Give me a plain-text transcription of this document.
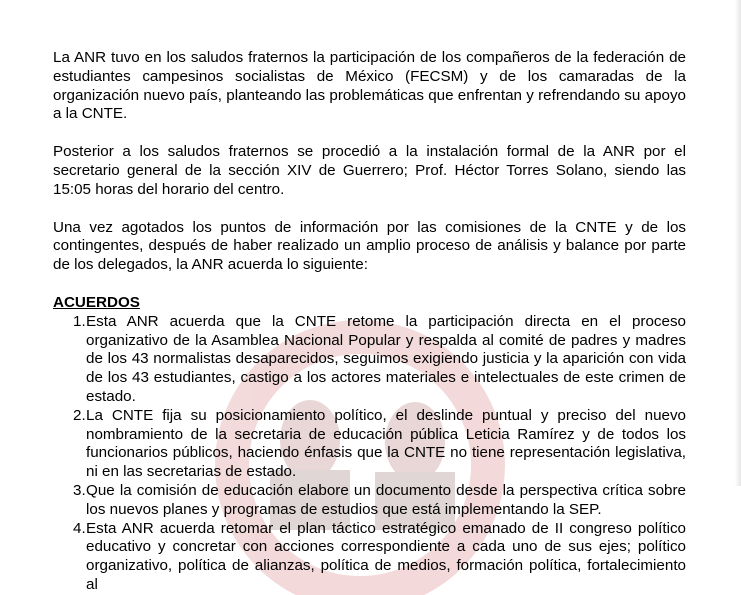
La ANR tuvo en los saludos fraternos la participación de los compañeros de la federación de estudiantes campesinos socialistas de México (FECSM) y de los camaradas de la organización nuevo país, planteando las problemáticas que enfrentan y refrendando su apoyo a la CNTE.

Posterior a los saludos fraternos se procedió a la instalación formal de la ANR por el secretario general de la sección XIV de Guerrero; Prof. Héctor Torres Solano, siendo las 15:05 horas del horario del centro.

Una vez agotados los puntos de información por las comisiones de la CNTE y de los contingentes, después de haber realizado un amplio proceso de análisis y balance por parte de los delegados, la ANR acuerda lo siguiente:

ACUERDOS

1. Esta ANR acuerda que la CNTE retome la participación directa en el proceso organizativo de la Asamblea Nacional Popular y respalda al comité de padres y madres de los 43 normalistas desaparecidos, seguimos exigiendo justicia y la aparición con vida de los 43 estudiantes, castigo a los actores materiales e intelectuales de este crimen de estado.
2. La CNTE fija su posicionamiento político, el deslinde puntual y preciso del nuevo nombramiento de la secretaria de educación pública Leticia Ramírez y de todos los funcionarios públicos, haciendo énfasis que la CNTE no tiene representación legislativa, ni en las secretarias de estado.
3. Que la comisión de educación elabore un documento desde la perspectiva crítica sobre los nuevos planes y programas de estudios que está implementando la SEP.
4. Esta ANR acuerda retomar el plan táctico estratégico emanado de II congreso político educativo y concretar con acciones correspondiente a cada uno de sus ejes; político organizativo, política de alianzas, política de medios, formación política, fortalecimiento al
